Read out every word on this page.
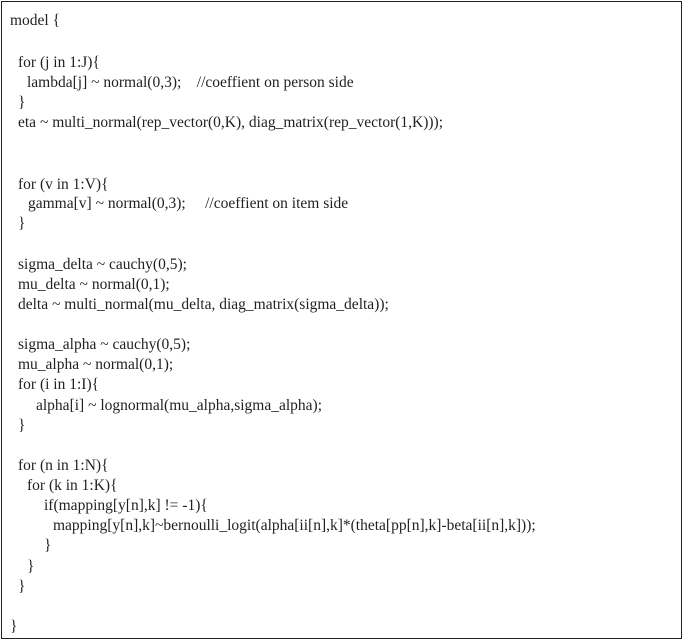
model {
for (j in 1:J){
lambda[j] ~ normal(0,3);    //coeffient on person side
}
eta ~ multi_normal(rep_vector(0,K), diag_matrix(rep_vector(1,K)));
for (v in 1:V){
gamma[v] ~ normal(0,3);     //coeffient on item side
}
sigma_delta ~ cauchy(0,5);
mu_delta ~ normal(0,1);
delta ~ multi_normal(mu_delta, diag_matrix(sigma_delta));
sigma_alpha ~ cauchy(0,5);
mu_alpha ~ normal(0,1);
for (i in 1:I){
alpha[i] ~ lognormal(mu_alpha,sigma_alpha);
}
for (n in 1:N){
for (k in 1:K){
if(mapping[y[n],k] != -1){
mapping[y[n],k]~bernoulli_logit(alpha[ii[n],k]*(theta[pp[n],k]-beta[ii[n],k]));
}
}
}
}
